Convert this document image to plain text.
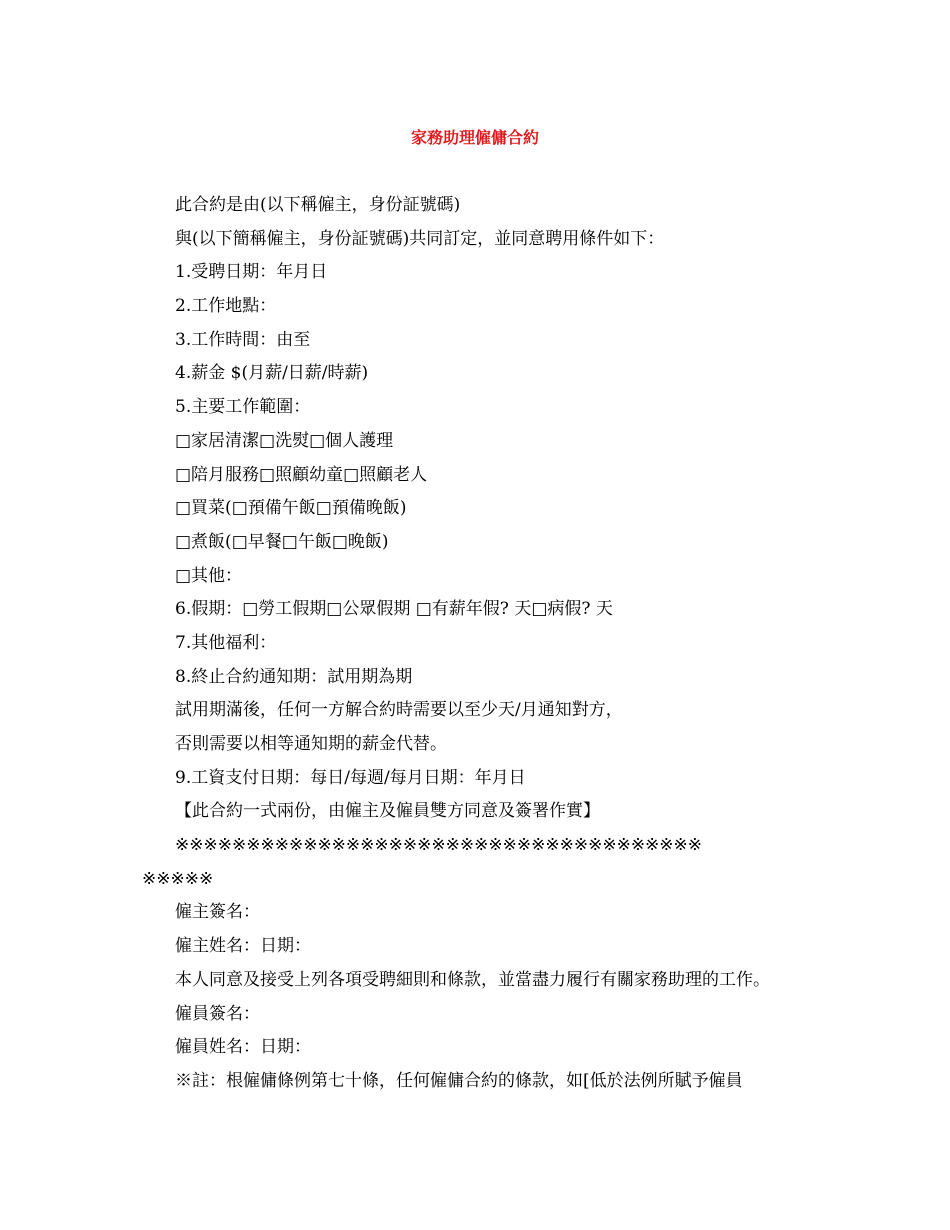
家務助理僱傭合約
此合約是由(以下稱僱主，身份証號碼)
與(以下簡稱僱主，身份証號碼)共同訂定，並同意聘用條件如下：
1.受聘日期：年月日
2.工作地點：
3.工作時間：由至
4.薪金 $(月薪/日薪/時薪)
5.主要工作範圍：
□家居清潔□洗熨□個人護理
□陪月服務□照顧幼童□照顧老人
□買菜(□預備午飯□預備晚飯)
□煮飯(□早餐□午飯□晚飯)
□其他：
6.假期：□勞工假期□公眾假期 □有薪年假? 天□病假? 天
7.其他福利：
8.終止合約通知期：試用期為期
試用期滿後，任何一方解合約時需要以至少天/月通知對方，
否則需要以相等通知期的薪金代替。
9.工資支付日期：每日/每週/每月日期：年月日
【此合約一式兩份，由僱主及僱員雙方同意及簽署作實】
※※※※※※※※※※※※※※※※※※※※※※※※※※※※※※※※※※※※※
※※※※※
僱主簽名：
僱主姓名：日期：
本人同意及接受上列各項受聘細則和條款，並當盡力履行有關家務助理的工作。
僱員簽名：
僱員姓名：日期：
※註：根僱傭條例第七十條，任何僱傭合約的條款，如[低於法例所賦予僱員
